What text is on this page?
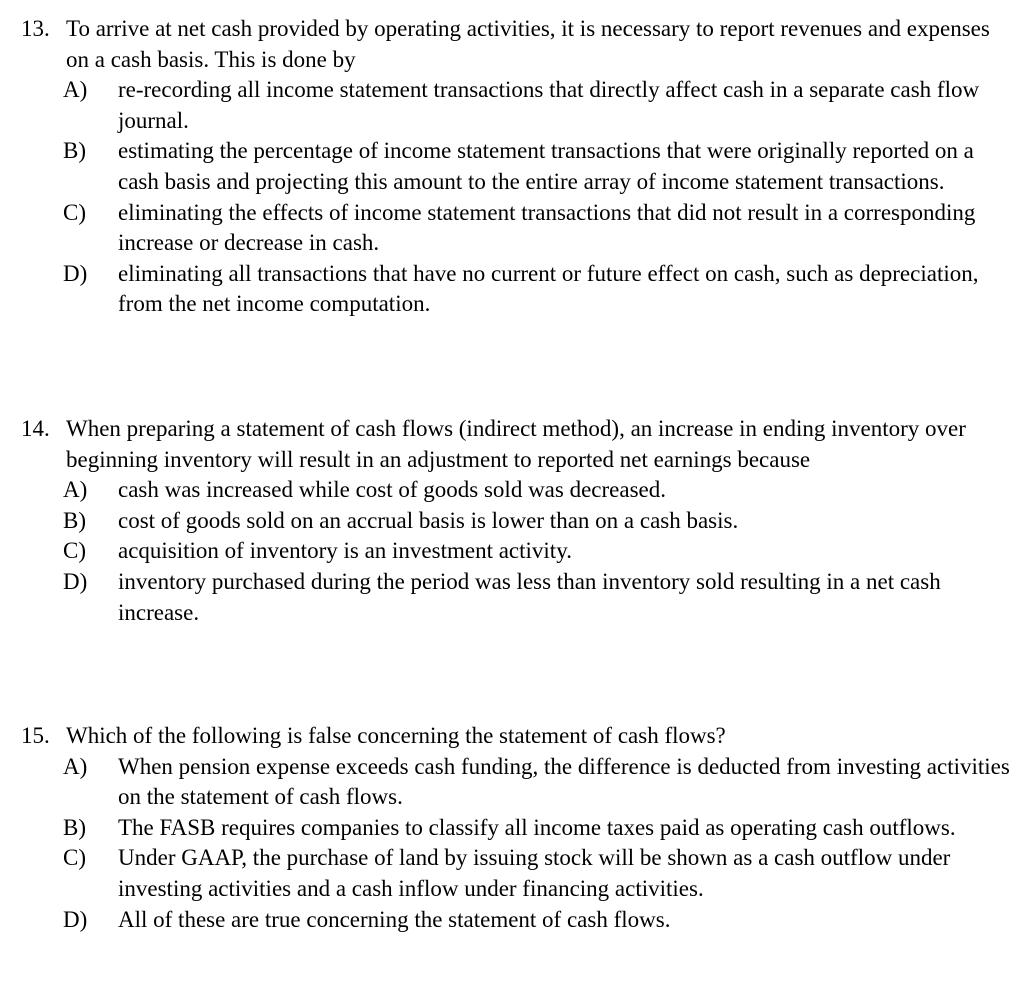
13. To arrive at net cash provided by operating activities, it is necessary to report revenues and expenses on a cash basis. This is done by
A)	re-recording all income statement transactions that directly affect cash in a separate cash flow journal.
B)	estimating the percentage of income statement transactions that were originally reported on a cash basis and projecting this amount to the entire array of income statement transactions.
C)	eliminating the effects of income statement transactions that did not result in a corresponding increase or decrease in cash.
D)	eliminating all transactions that have no current or future effect on cash, such as depreciation, from the net income computation.
14. When preparing a statement of cash flows (indirect method), an increase in ending inventory over beginning inventory will result in an adjustment to reported net earnings because
A)	cash was increased while cost of goods sold was decreased.
B)	cost of goods sold on an accrual basis is lower than on a cash basis.
C)	acquisition of inventory is an investment activity.
D)	inventory purchased during the period was less than inventory sold resulting in a net cash increase.
15. Which of the following is false concerning the statement of cash flows?
A)	When pension expense exceeds cash funding, the difference is deducted from investing activities on the statement of cash flows.
B)	The FASB requires companies to classify all income taxes paid as operating cash outflows.
C)	Under GAAP, the purchase of land by issuing stock will be shown as a cash outflow under investing activities and a cash inflow under financing activities.
D)	All of these are true concerning the statement of cash flows.
